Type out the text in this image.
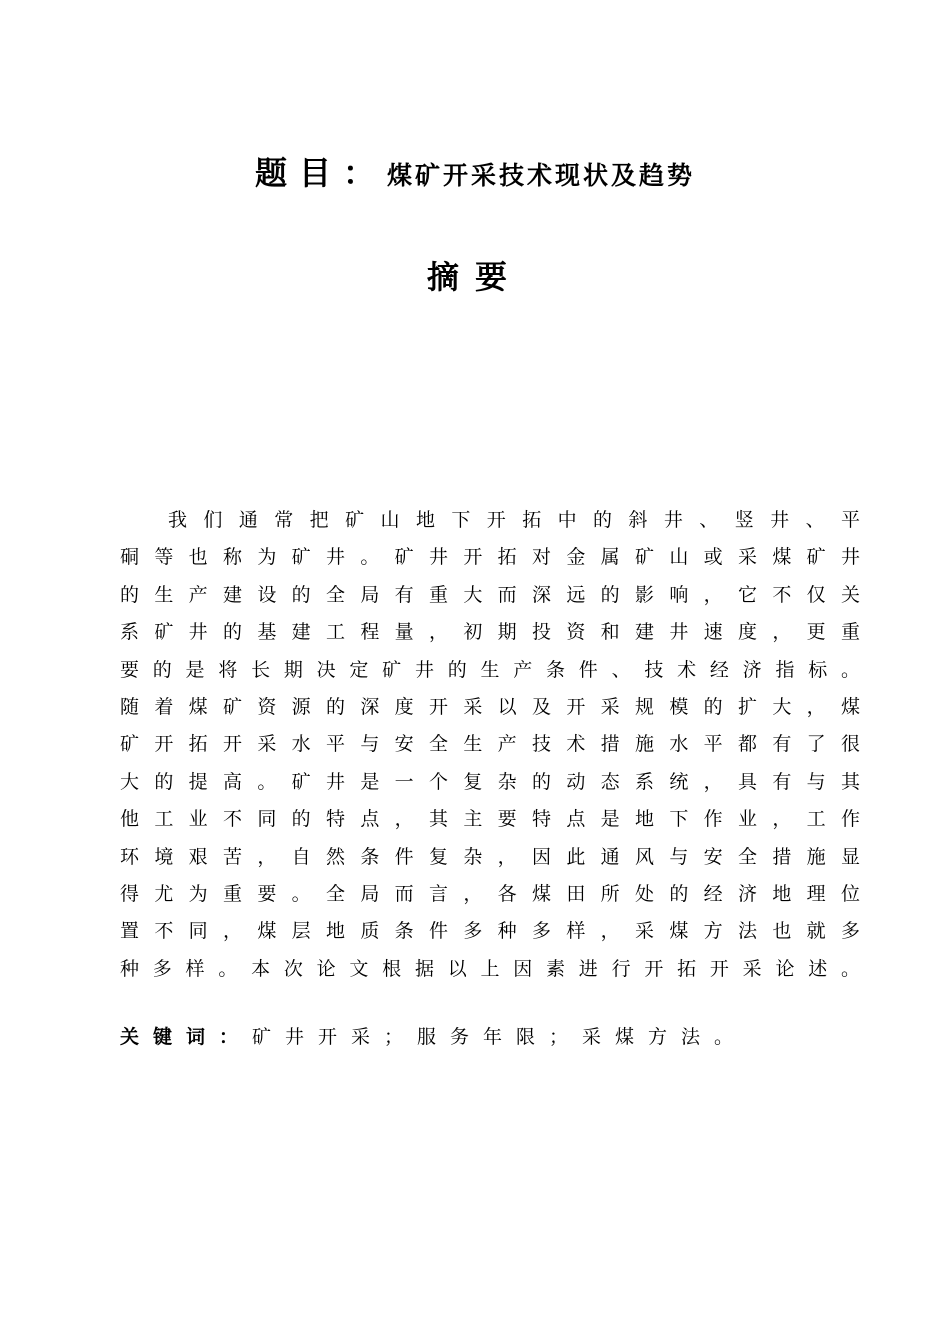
题目：煤矿开采技术现状及趋势
摘要
我们通常把矿山地下开拓中的斜井、竖井、平
硐等也称为矿井。矿井开拓对金属矿山或采煤矿井
的生产建设的全局有重大而深远的影响，它不仅关
系矿井的基建工程量，初期投资和建井速度，更重
要的是将长期决定矿井的生产条件、技术经济指标。
随着煤矿资源的深度开采以及开采规模的扩大，煤
矿开拓开采水平与安全生产技术措施水平都有了很
大的提高。矿井是一个复杂的动态系统，具有与其
他工业不同的特点，其主要特点是地下作业，工作
环境艰苦，自然条件复杂，因此通风与安全措施显
得尤为重要。全局而言，各煤田所处的经济地理位
置不同，煤层地质条件多种多样，采煤方法也就多
种多样。本次论文根据以上因素进行开拓开采论述。
关键词：矿井开采；服务年限；采煤方法。
